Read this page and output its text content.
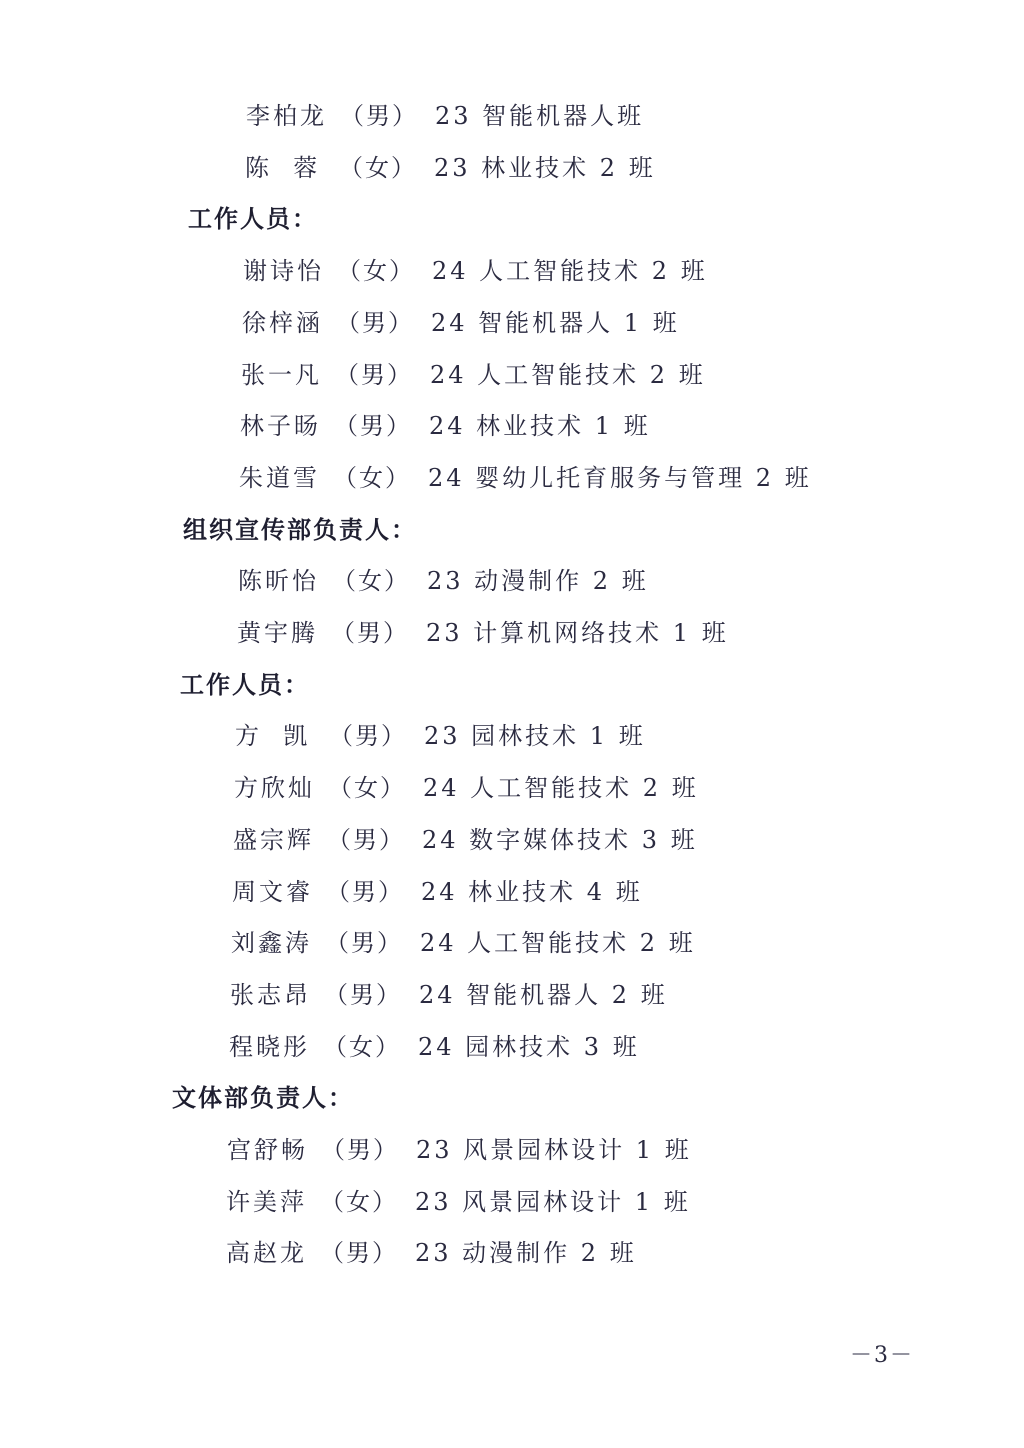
李柏龙 （男） 23 智能机器人班
陈  蓉 （女） 23 林业技术 2 班
工作人员：
谢诗怡 （女） 24 人工智能技术 2 班
徐梓涵 （男） 24 智能机器人 1 班
张一凡 （男） 24 人工智能技术 2 班
林子旸 （男） 24 林业技术 1 班
朱道雪 （女） 24 婴幼儿托育服务与管理 2 班
组织宣传部负责人：
陈昕怡 （女） 23 动漫制作 2 班
黄宇腾 （男） 23 计算机网络技术 1 班
工作人员：
方  凯 （男） 23 园林技术 1 班
方欣灿 （女） 24 人工智能技术 2 班
盛宗辉 （男） 24 数字媒体技术 3 班
周文睿 （男） 24 林业技术 4 班
刘鑫涛 （男） 24 人工智能技术 2 班
张志昂 （男） 24 智能机器人 2 班
程晓彤 （女） 24 园林技术 3 班
文体部负责人：
宫舒畅 （男） 23 风景园林设计 1 班
许美萍 （女） 23 风景园林设计 1 班
高赵龙 （男） 23 动漫制作 2 班
－3－
